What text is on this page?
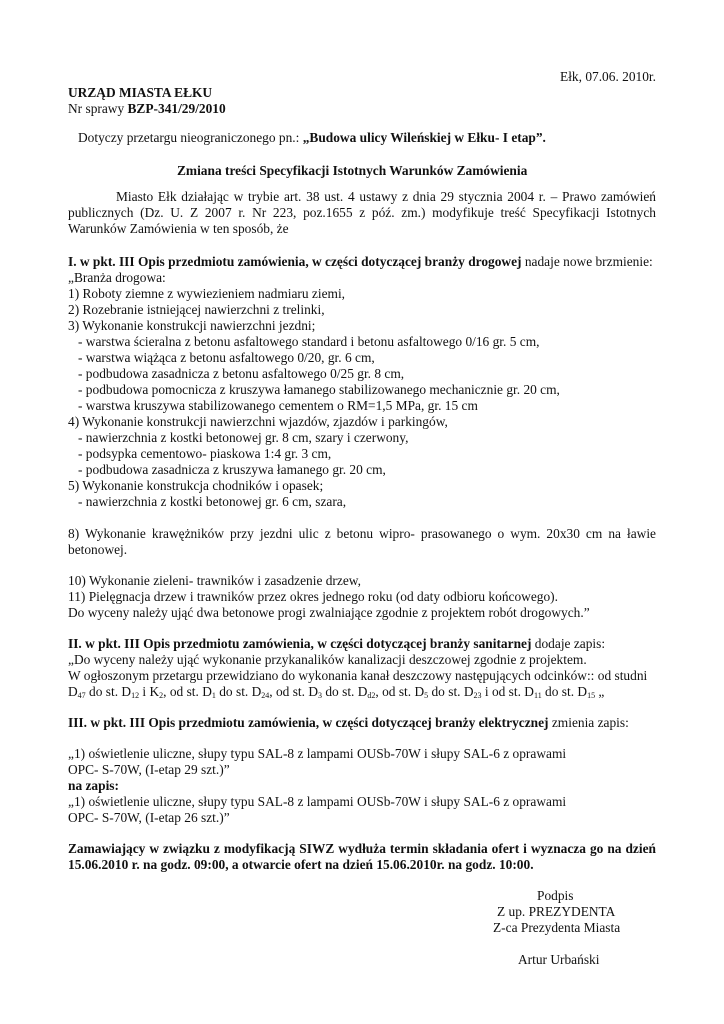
Ełk, 07.06. 2010r.
URZĄD MIASTA EŁKU
Nr sprawy BZP-341/29/2010
Dotyczy przetargu nieograniczonego pn.: „Budowa ulicy Wileńskiej w Ełku- I etap”.
Zmiana treści Specyfikacji Istotnych Warunków Zamówienia
Miasto Ełk działając w trybie art. 38 ust. 4 ustawy z dnia 29 stycznia 2004 r. – Prawo zamówień publicznych (Dz. U. Z 2007 r. Nr 223, poz.1655 z póź. zm.) modyfikuje treść Specyfikacji Istotnych Warunków Zamówienia w ten sposób, że
I. w pkt. III Opis przedmiotu zamówienia, w części dotyczącej branży drogowej nadaje nowe brzmienie:
„Branża drogowa:
1) Roboty ziemne z wywiezieniem nadmiaru ziemi,
2) Rozebranie istniejącej nawierzchni z trelinki,
3) Wykonanie konstrukcji nawierzchni jezdni;
- warstwa ścieralna z betonu asfaltowego standard i betonu asfaltowego 0/16 gr. 5 cm,
- warstwa wiążąca z betonu asfaltowego 0/20, gr. 6 cm,
- podbudowa zasadnicza z betonu asfaltowego 0/25 gr. 8 cm,
- podbudowa pomocnicza z kruszywa łamanego stabilizowanego mechanicznie gr. 20 cm,
- warstwa kruszywa stabilizowanego cementem o RM=1,5 MPa, gr. 15 cm
4) Wykonanie konstrukcji nawierzchni wjazdów, zjazdów i parkingów,
- nawierzchnia z kostki betonowej gr. 8 cm, szary i czerwony,
- podsypka cementowo- piaskowa 1:4 gr. 3 cm,
- podbudowa zasadnicza z kruszywa łamanego gr. 20 cm,
5) Wykonanie konstrukcja chodników i opasek;
- nawierzchnia z kostki betonowej gr. 6 cm, szara,
8) Wykonanie krawężników przy jezdni ulic z betonu wipro- prasowanego o wym. 20x30 cm na ławie betonowej.
10) Wykonanie zieleni- trawników i zasadzenie drzew,
11) Pielęgnacja drzew i trawników przez okres jednego roku (od daty odbioru końcowego).
Do wyceny należy ująć dwa betonowe progi zwalniające zgodnie z projektem robót drogowych.”
II. w pkt. III Opis przedmiotu zamówienia, w części dotyczącej branży sanitarnej dodaje zapis:
„Do wyceny należy ująć wykonanie przykanalików kanalizacji deszczowej zgodnie z projektem.
W ogłoszonym przetargu przewidziano do wykonania kanał deszczowy następujących odcinków:: od studni
$D_{47}$ do st. $D_{12}$ i $K_2$, od st. $D_1$ do st. $D_{24}$, od st. $D_3$ do st. $D_{d2}$, od st. $D_5$ do st. $D_{23}$ i od st. $D_{11}$ do st. $D_{15}$ „
III. w pkt. III Opis przedmiotu zamówienia, w części dotyczącej branży elektrycznej zmienia zapis:
„1) oświetlenie uliczne, słupy typu SAL-8 z lampami OUSb-70W i słupy SAL-6 z oprawami
OPC- S-70W, (I-etap 29 szt.)”
na zapis:
„1) oświetlenie uliczne, słupy typu SAL-8 z lampami OUSb-70W i słupy SAL-6 z oprawami
OPC- S-70W, (I-etap 26 szt.)”
Zamawiający w związku z modyfikacją SIWZ wydłuża termin składania ofert i wyznacza go na dzień 15.06.2010 r. na godz. 09:00, a otwarcie ofert na dzień 15.06.2010r. na godz. 10:00.
Podpis
Z up. PREZYDENTA
Z-ca Prezydenta Miasta
Artur Urbański
